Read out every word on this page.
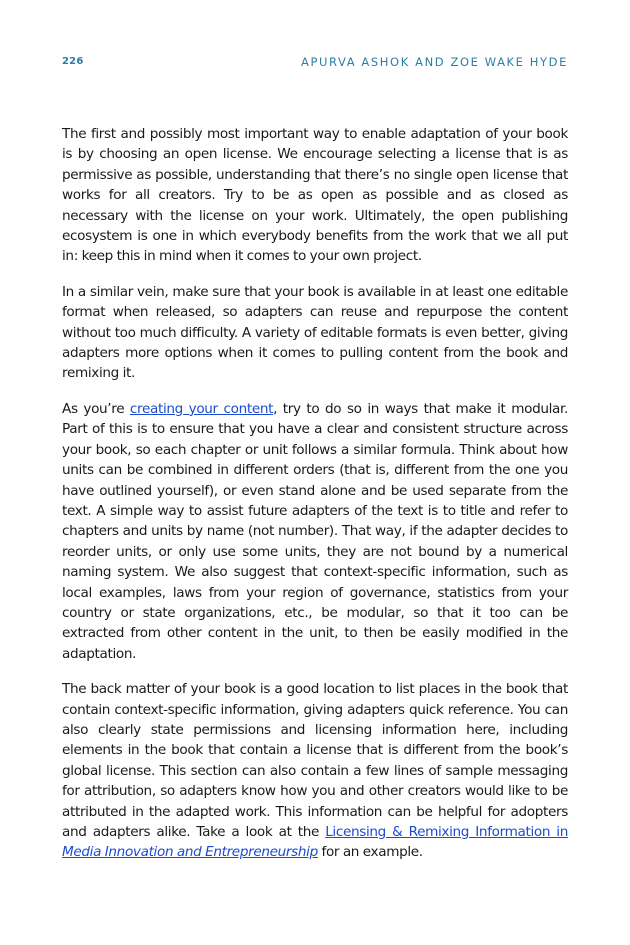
226	APURVA ASHOK AND ZOE WAKE HYDE

The first and possibly most important way to enable adaptation of your book is by choosing an open license. We encourage selecting a license that is as permissive as possible, understanding that there’s no single open license that works for all creators. Try to be as open as possible and as closed as necessary with the license on your work. Ultimately, the open publishing ecosystem is one in which everybody benefits from the work that we all put in: keep this in mind when it comes to your own project.

In a similar vein, make sure that your book is available in at least one editable format when released, so adapters can reuse and repurpose the content without too much difficulty. A variety of editable formats is even better, giving adapters more options when it comes to pulling content from the book and remixing it.

As you’re creating your content, try to do so in ways that make it modular. Part of this is to ensure that you have a clear and consistent structure across your book, so each chapter or unit follows a similar formula. Think about how units can be combined in different orders (that is, different from the one you have outlined yourself), or even stand alone and be used separate from the text. A simple way to assist future adapters of the text is to title and refer to chapters and units by name (not number). That way, if the adapter decides to reorder units, or only use some units, they are not bound by a numerical naming system. We also suggest that context-specific information, such as local examples, laws from your region of governance, statistics from your country or state organizations, etc., be modular, so that it too can be extracted from other content in the unit, to then be easily modified in the adaptation.

The back matter of your book is a good location to list places in the book that contain context-specific information, giving adapters quick reference. You can also clearly state permissions and licensing information here, including elements in the book that contain a license that is different from the book’s global license. This section can also contain a few lines of sample messaging for attribution, so adapters know how you and other creators would like to be attributed in the adapted work. This information can be helpful for adopters and adapters alike. Take a look at the Licensing & Remixing Information in Media Innovation and Entrepreneurship for an example.
